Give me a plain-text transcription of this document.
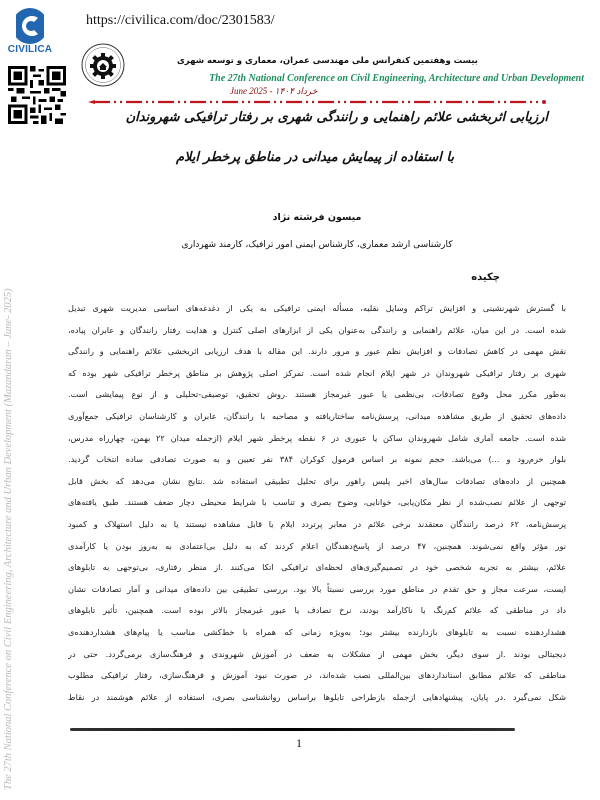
CIVILICA
https://civilica.com/doc/2301583/
بیست وهفتمین کنفرانس ملی مهندسی عمران، معماری و توسعه شهری
The 27th National Conference on Civil Engineering, Architecture and Urban Development
خرداد ۱۴۰۴ - June 2025
ارزیابی اثربخشی علائم راهنمایی و رانندگی شهری بر رفتار ترافیکی شهروندان
با استفاده از پیمایش میدانی در مناطق پرخطر ایلام
میسون فرشته نژاد
کارشناسی ارشد معماری، کارشناس ایمنی امور ترافیک، کارمند شهرداری
چکیده
با گسترش شهرنشینی و افزایش تراکم وسایل نقلیه، مسأله ایمنی ترافیکی به یکی از دغدغه‌های اساسی مدیریت شهری تبدیل
شده است. در این میان، علائم راهنمایی و رانندگی به‌عنوان یکی از ابزارهای اصلی کنترل و هدایت رفتار رانندگان و عابران پیاده،
نقش مهمی در کاهش تصادفات و افزایش نظم عبور و مرور دارند. این مقاله با هدف ارزیابی اثربخشی علائم راهنمایی و رانندگی
شهری بر رفتار ترافیکی شهروندان در شهر ایلام انجام شده است. تمرکز اصلی پژوهش بر مناطق پرخطر ترافیکی شهر بوده که
به‌طور مکرر محل وقوع تصادفات، بی‌نظمی یا عبور غیرمجاز هستند .روش تحقیق، توصیفی-تحلیلی و از نوع پیمایشی است.
داده‌های تحقیق از طریق مشاهده میدانی، پرسش‌نامه ساختاریافته و مصاحبه با رانندگان، عابران و کارشناسان ترافیکی جمع‌آوری
شده است. جامعه آماری شامل شهروندان ساکن یا عبوری در ۶ نقطه پرخطر شهر ایلام (ازجمله میدان ۲۲ بهمن، چهارراه مدرس،
بلوار خرم‌رود و ...) می‌باشد. حجم نمونه بر اساس فرمول کوکران ۳۸۴ نفر تعیین و به صورت تصادفی ساده انتخاب گردید.
همچنین از داده‌های تصادفات سال‌های اخیر پلیس راهور برای تحلیل تطبیقی استفاده شد .نتایج نشان می‌دهد که بخش قابل
توجهی از علائم نصب‌شده از نظر مکان‌یابی، خوانایی، وضوح بصری و تناسب با شرایط محیطی دچار ضعف هستند. طبق یافته‌های
پرسش‌نامه، ۶۲ درصد رانندگان معتقدند برخی علائم در معابر پرتردد ایلام یا قابل مشاهده نیستند یا به دلیل استهلاک و کمبود
نور مؤثر واقع نمی‌شوند. همچنین، ۴۷ درصد از پاسخ‌دهندگان اعلام کردند که به دلیل بی‌اعتمادی به به‌روز بودن یا کارآمدی
علائم، بیشتر به تجربه شخصی خود در تصمیم‌گیری‌های لحظه‌ای ترافیکی اتکا می‌کنند .از منظر رفتاری، بی‌توجهی به تابلوهای
ایست، سرعت مجاز و حق تقدم در مناطق مورد بررسی نسبتاً بالا بود. بررسی تطبیقی بین داده‌های میدانی و آمار تصادفات نشان
داد در مناطقی که علائم کم‌رنگ یا ناکارآمد بودند، نرخ تصادف یا عبور غیرمجاز بالاتر بوده است. همچنین، تأثیر تابلوهای
هشداردهنده نسبت به تابلوهای بازدارنده بیشتر بود؛ به‌ویژه زمانی که همراه با خط‌کشی مناسب یا پیام‌های هشداردهنده‌ی
دیجیتالی بودند .از سوی دیگر، بخش مهمی از مشکلات به ضعف در آموزش شهروندی و فرهنگ‌سازی برمی‌گردد. حتی در
مناطقی که علائم مطابق استانداردهای بین‌المللی نصب شده‌اند، در صورت نبود آموزش و فرهنگ‌سازی، رفتار ترافیکی مطلوب
شکل نمی‌گیرد .در پایان، پیشنهادهایی ازجمله بازطراحی تابلوها براساس روانشناسی بصری، استفاده از علائم هوشمند در نقاط
The 27th National Conference on Civil Engineering, Architecture and Urban Development (Mazandaran – June- 2025)	1
